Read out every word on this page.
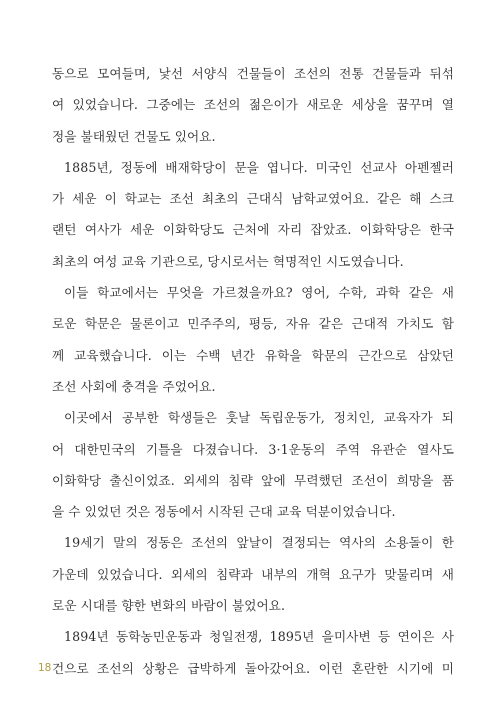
동으로 모여들며, 낯선 서양식 건물들이 조선의 전통 건물들과 뒤섞
여 있었습니다. 그중에는 조선의 젊은이가 새로운 세상을 꿈꾸며 열
정을 불태웠던 건물도 있어요.
1885년, 정동에 배재학당이 문을 엽니다. 미국인 선교사 아펜젤러
가 세운 이 학교는 조선 최초의 근대식 남학교였어요. 같은 해 스크
랜턴 여사가 세운 이화학당도 근처에 자리 잡았죠. 이화학당은 한국
최초의 여성 교육 기관으로, 당시로서는 혁명적인 시도였습니다.
이들 학교에서는 무엇을 가르쳤을까요? 영어, 수학, 과학 같은 새
로운 학문은 물론이고 민주주의, 평등, 자유 같은 근대적 가치도 함
께 교육했습니다. 이는 수백 년간 유학을 학문의 근간으로 삼았던
조선 사회에 충격을 주었어요.
이곳에서 공부한 학생들은 훗날 독립운동가, 정치인, 교육자가 되
어 대한민국의 기틀을 다졌습니다. 3·1운동의 주역 유관순 열사도
이화학당 출신이었죠. 외세의 침략 앞에 무력했던 조선이 희망을 품
을 수 있었던 것은 정동에서 시작된 근대 교육 덕분이었습니다.
19세기 말의 정동은 조선의 앞날이 결정되는 역사의 소용돌이 한
가운데 있었습니다. 외세의 침략과 내부의 개혁 요구가 맞물리며 새
로운 시대를 향한 변화의 바람이 불었어요.
1894년 동학농민운동과 청일전쟁, 1895년 을미사변 등 연이은 사
건으로 조선의 상황은 급박하게 돌아갔어요. 이런 혼란한 시기에 미
18
